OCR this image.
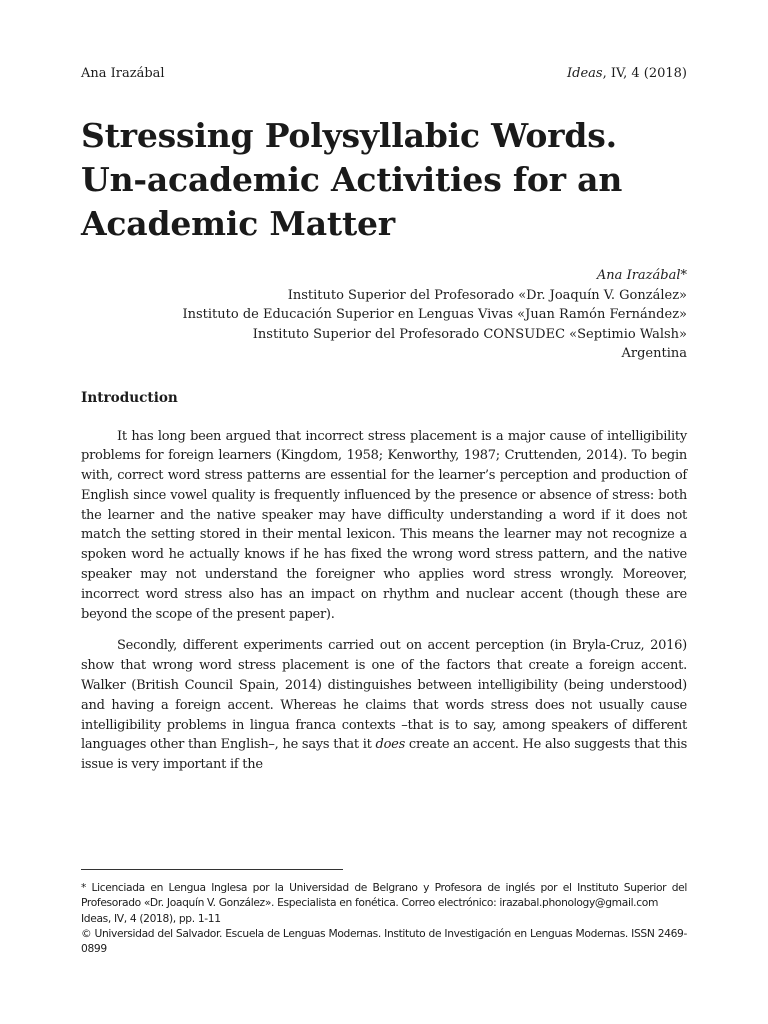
Ana Irazábal	Ideas, IV, 4 (2018)
Stressing Polysyllabic Words.
Un-academic Activities for an
Academic Matter
Ana Irazábal*
Instituto Superior del Profesorado «Dr. Joaquín V. González»
Instituto de Educación Superior en Lenguas Vivas «Juan Ramón Fernández»
Instituto Superior del Profesorado CONSUDEC «Septimio Walsh»
Argentina
Introduction

It has long been argued that incorrect stress placement is a major cause of intelligibility problems for foreign learners (Kingdom, 1958; Kenworthy, 1987; Cruttenden, 2014). To begin with, correct word stress patterns are essential for the learner’s perception and production of English since vowel quality is frequently influenced by the presence or absence of stress: both the learner and the native speaker may have difficulty understanding a word if it does not match the setting stored in their mental lexicon. This means the learner may not recognize a spoken word he actually knows if he has fixed the wrong word stress pattern, and the native speaker may not understand the foreigner who applies word stress wrongly. Moreover, incorrect word stress also has an impact on rhythm and nuclear accent (though these are beyond the scope of the present paper).

Secondly, different experiments carried out on accent perception (in Bryla-Cruz, 2016) show that wrong word stress placement is one of the factors that create a foreign accent. Walker (British Council Spain, 2014) distinguishes between intelligibility (being understood) and having a foreign accent. Whereas he claims that words stress does not usually cause intelligibility problems in lingua franca contexts –that is to say, among speakers of different languages other than English–, he says that it does create an accent. He also suggests that this issue is very important if the

* Licenciada en Lengua Inglesa por la Universidad de Belgrano y Profesora de inglés por el Instituto Superior del Profesorado «Dr. Joaquín V. González». Especialista en fonética. Correo electrónico: irazabal.phonology@gmail.com
Ideas, IV, 4 (2018), pp. 1-11
© Universidad del Salvador. Escuela de Lenguas Modernas. Instituto de Investigación en Lenguas Modernas. ISSN 2469-0899
